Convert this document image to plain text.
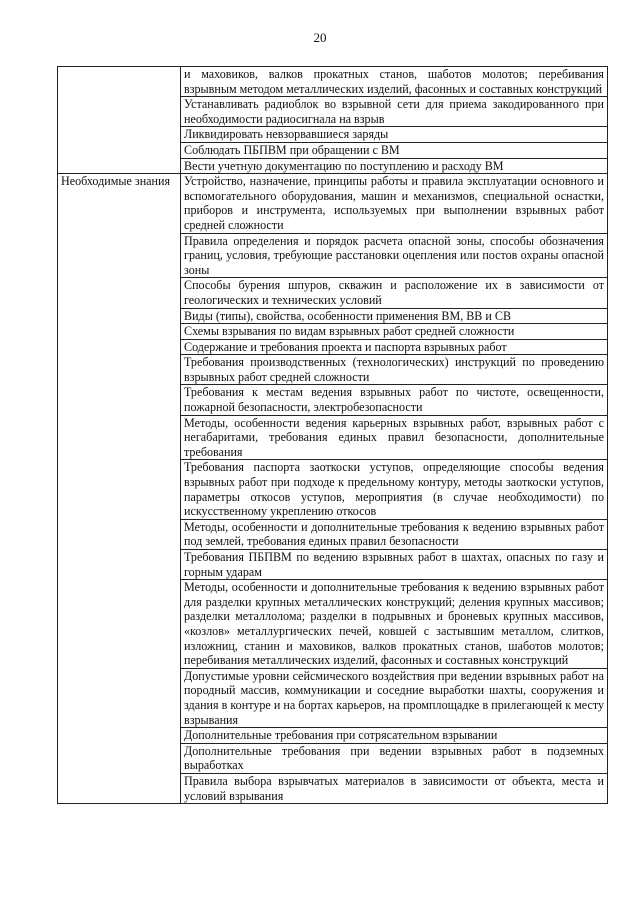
20
	и маховиков, валков прокатных станов, шаботов молотов; перебивания взрывным методом металлических изделий, фасонных и составных конструкций
	Устанавливать радиоблок во взрывной сети для приема закодированного при необходимости радиосигнала на взрыв
	Ликвидировать невзорвавшиеся заряды
	Соблюдать ПБПВМ при обращении с ВМ
	Вести учетную документацию по поступлению и расходу ВМ
Необходимые знания	Устройство, назначение, принципы работы и правила эксплуатации основного и вспомогательного оборудования, машин и механизмов, специальной оснастки, приборов и инструмента, используемых при выполнении взрывных работ средней сложности
	Правила определения и порядок расчета опасной зоны, способы обозначения границ, условия, требующие расстановки оцепления или постов охраны опасной зоны
	Способы бурения шпуров, скважин и расположение их в зависимости от геологических и технических условий
	Виды (типы), свойства, особенности применения ВМ, ВВ и СВ
	Схемы взрывания по видам взрывных работ средней сложности
	Содержание и требования проекта и паспорта взрывных работ
	Требования производственных (технологических) инструкций по проведению взрывных работ средней сложности
	Требования к местам ведения взрывных работ по чистоте, освещенности, пожарной безопасности, электробезопасности
	Методы, особенности ведения карьерных взрывных работ, взрывных работ с негабаритами, требования единых правил безопасности, дополнительные требования
	Требования паспорта заоткоски уступов, определяющие способы ведения взрывных работ при подходе к предельному контуру, методы заоткоски уступов, параметры откосов уступов, мероприятия (в случае необходимости) по искусственному укреплению откосов
	Методы, особенности и дополнительные требования к ведению взрывных работ под землей, требования единых правил безопасности
	Требования ПБПВМ по ведению взрывных работ в шахтах, опасных по газу и горным ударам
	Методы, особенности и дополнительные требования к ведению взрывных работ для разделки крупных металлических конструкций; деления крупных массивов; разделки металлолома; разделки в подрывных и броневых крупных массивов, «козлов» металлургических печей, ковшей с застывшим металлом, слитков, изложниц, станин и маховиков, валков прокатных станов, шаботов молотов; перебивания металлических изделий, фасонных и составных конструкций
	Допустимые уровни сейсмического воздействия при ведении взрывных работ на породный массив, коммуникации и соседние выработки шахты, сооружения и здания в контуре и на бортах карьеров, на промплощадке в прилегающей к месту взрывания
	Дополнительные требования при сотрясательном взрывании
	Дополнительные требования при ведении взрывных работ в подземных выработках
	Правила выбора взрывчатых материалов в зависимости от объекта, места и условий взрывания
